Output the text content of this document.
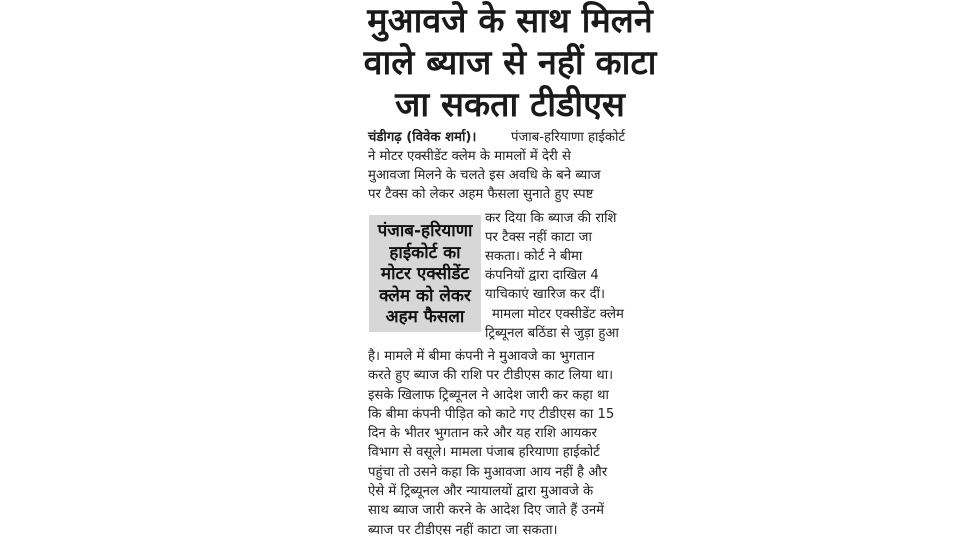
मुआवजे के साथ मिलने
वाले ब्याज से नहीं काटा
जा सकता टीडीएस
चंडीगढ़ (विवेक शर्मा)।	पंजाब-हरियाणा हाईकोर्ट
ने मोटर एक्सीडेंट क्लेम के मामलों में देरी से
मुआवजा मिलने के चलते इस अवधि के बने ब्याज
पर टैक्स को लेकर अहम फैसला सुनाते हुए स्पष्ट
कर दिया कि ब्याज की राशि
पर टैक्स नहीं काटा जा
सकता। कोर्ट ने बीमा
कंपनियों द्वारा दाखिल 4
याचिकाएं खारिज कर दीं।
मामला मोटर एक्सीडेंट क्लेम
ट्रिब्यूनल बठिंडा से जुड़ा हुआ
है। मामले में बीमा कंपनी ने मुआवजे का भुगतान
करते हुए ब्याज की राशि पर टीडीएस काट लिया था।
इसके खिलाफ ट्रिब्यूनल ने आदेश जारी कर कहा था
कि बीमा कंपनी पीड़ित को काटे गए टीडीएस का 15
दिन के भीतर भुगतान करे और यह राशि आयकर
विभाग से वसूले। मामला पंजाब हरियाणा हाईकोर्ट
पहुंचा तो उसने कहा कि मुआवजा आय नहीं है और
ऐसे में ट्रिब्यूनल और न्यायालयों द्वारा मुआवजे के
साथ ब्याज जारी करने के आदेश दिए जाते हैं उनमें
ब्याज पर टीडीएस नहीं काटा जा सकता।
पंजाब-हरियाणा
हाईकोर्ट का
मोटर एक्सीडेंट
क्लेम को लेकर
अहम फैसला
